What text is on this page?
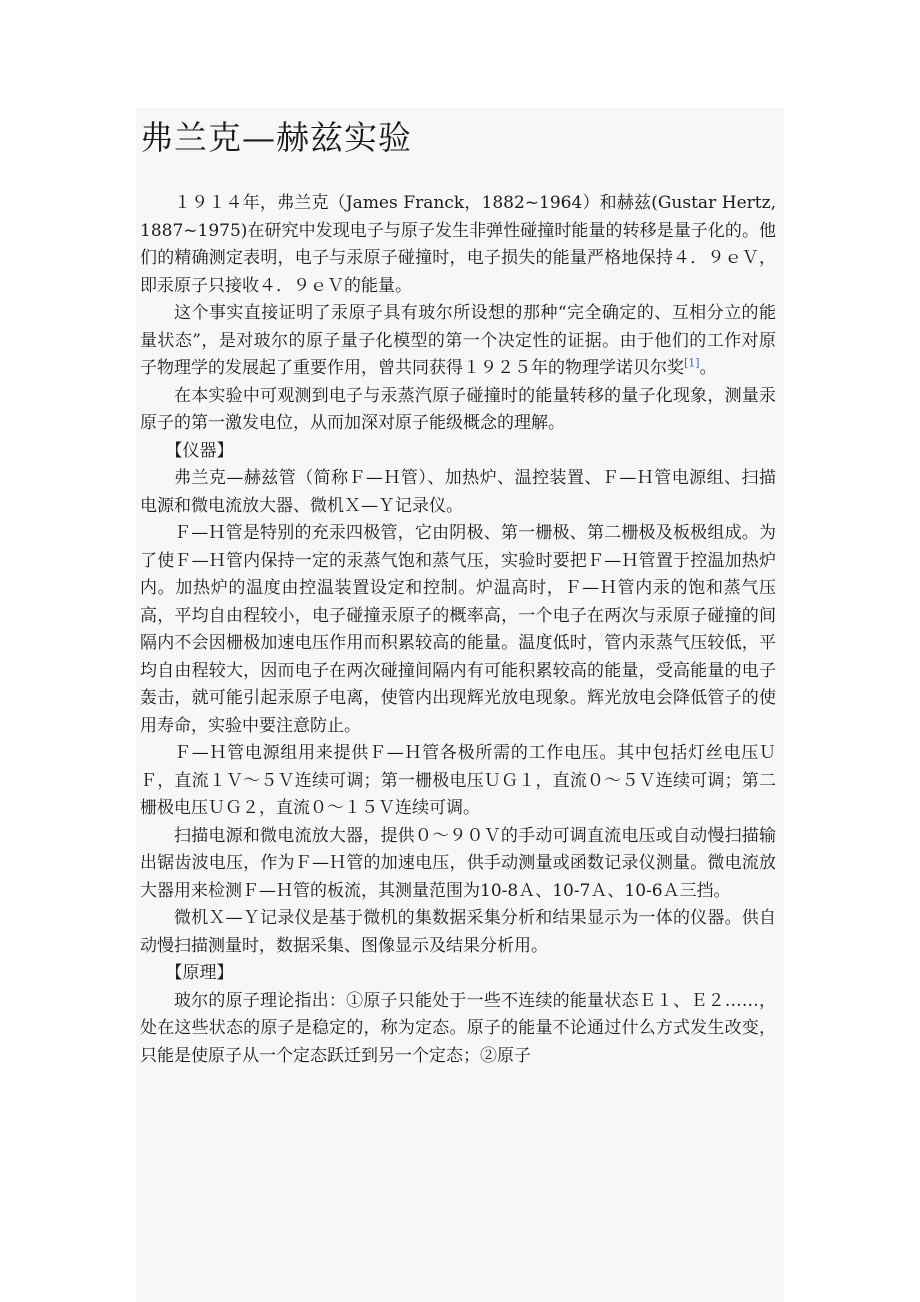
弗兰克—赫兹实验

１９１４年，弗兰克（James Franck，1882~1964）和赫兹(Gustar Hertz,1887~1975)在研究中发现电子与原子发生非弹性碰撞时能量的转移是量子化的。他们的精确测定表明，电子与汞原子碰撞时，电子损失的能量严格地保持４．９ｅＶ，即汞原子只接收４．９ｅＶ的能量。

这个事实直接证明了汞原子具有玻尔所设想的那种“完全确定的、互相分立的能量状态”，是对玻尔的原子量子化模型的第一个决定性的证据。由于他们的工作对原子物理学的发展起了重要作用，曾共同获得１９２５年的物理学诺贝尔奖[1]。

在本实验中可观测到电子与汞蒸汽原子碰撞时的能量转移的量子化现象，测量汞原子的第一激发电位，从而加深对原子能级概念的理解。

【仪器】

弗兰克—赫兹管（简称Ｆ—Ｈ管）、加热炉、温控装置、Ｆ—Ｈ管电源组、扫描电源和微电流放大器、微机Ｘ—Ｙ记录仪。

Ｆ—Ｈ管是特别的充汞四极管，它由阴极、第一栅极、第二栅极及板极组成。为了使Ｆ—Ｈ管内保持一定的汞蒸气饱和蒸气压，实验时要把Ｆ—Ｈ管置于控温加热炉内。加热炉的温度由控温装置设定和控制。炉温高时，Ｆ—Ｈ管内汞的饱和蒸气压高，平均自由程较小，电子碰撞汞原子的概率高，一个电子在两次与汞原子碰撞的间隔内不会因栅极加速电压作用而积累较高的能量。温度低时，管内汞蒸气压较低，平均自由程较大，因而电子在两次碰撞间隔内有可能积累较高的能量，受高能量的电子轰击，就可能引起汞原子电离，使管内出现辉光放电现象。辉光放电会降低管子的使用寿命，实验中要注意防止。

Ｆ—Ｈ管电源组用来提供Ｆ—Ｈ管各极所需的工作电压。其中包括灯丝电压ＵＦ，直流１Ｖ～５Ｖ连续可调；第一栅极电压ＵＧ１，直流０～５Ｖ连续可调；第二栅极电压ＵＧ２，直流０～１５Ｖ连续可调。

扫描电源和微电流放大器，提供０～９０Ｖ的手动可调直流电压或自动慢扫描输出锯齿波电压，作为Ｆ—Ｈ管的加速电压，供手动测量或函数记录仪测量。微电流放大器用来检测Ｆ—Ｈ管的板流，其测量范围为10-8Ａ、10-7Ａ、10-6Ａ三挡。

微机Ｘ—Ｙ记录仪是基于微机的集数据采集分析和结果显示为一体的仪器。供自动慢扫描测量时，数据采集、图像显示及结果分析用。

【原理】

玻尔的原子理论指出：①原子只能处于一些不连续的能量状态Ｅ１、Ｅ２……，处在这些状态的原子是稳定的，称为定态。原子的能量不论通过什么方式发生改变，只能是使原子从一个定态跃迁到另一个定态；②原子
